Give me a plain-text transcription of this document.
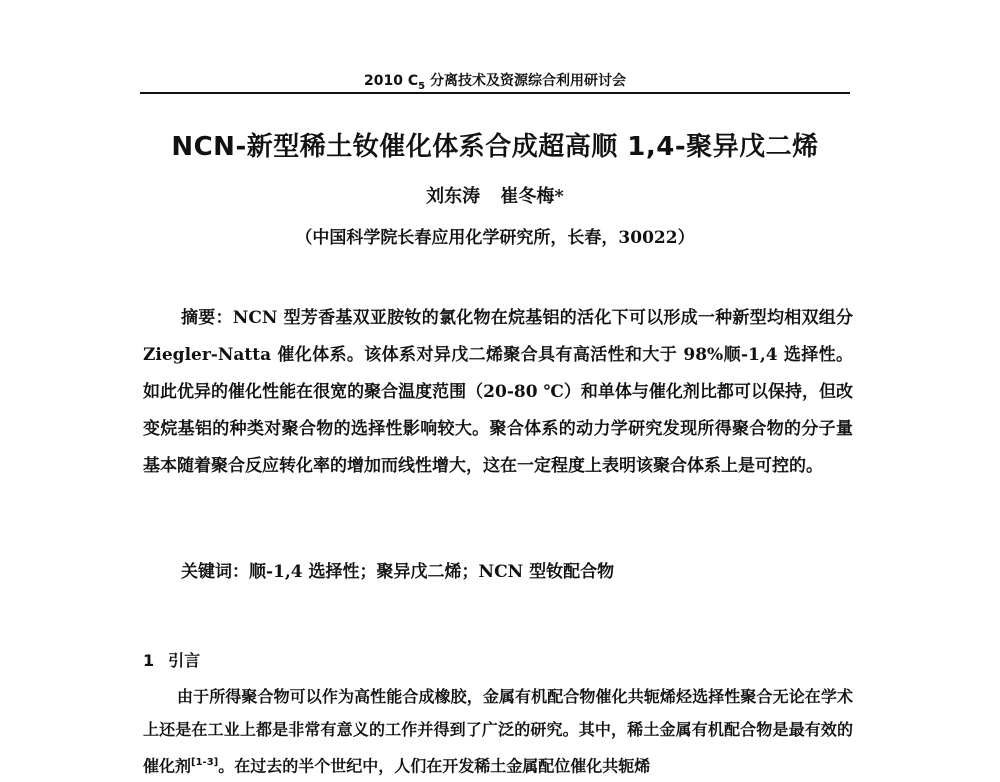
2010 $C_5$ 分离技术及资源综合利用研讨会
NCN-新型稀土钕催化体系合成超高顺 1,4-聚异戊二烯
刘东涛 崔冬梅*
（中国科学院长春应用化学研究所，长春，30022）
摘要：NCN 型芳香基双亚胺钕的氯化物在烷基铝的活化下可以形成一种新型均相双组分 Ziegler-Natta 催化体系。该体系对异戊二烯聚合具有高活性和大于 98%顺-1,4 选择性。如此优异的催化性能在很宽的聚合温度范围（20-80 ℃）和单体与催化剂比都可以保持，但改变烷基铝的种类对聚合物的选择性影响较大。聚合体系的动力学研究发现所得聚合物的分子量基本随着聚合反应转化率的增加而线性增大，这在一定程度上表明该聚合体系上是可控的。
关键词：顺-1,4 选择性；聚异戊二烯；NCN 型钕配合物
1 引言
由于所得聚合物可以作为高性能合成橡胶，金属有机配合物催化共轭烯烃选择性聚合无论在学术上还是在工业上都是非常有意义的工作并得到了广泛的研究。其中，稀土金属有机配合物是最有效的催化剂[1-3]。在过去的半个世纪中，人们在开发稀土金属配位催化共轭烯
